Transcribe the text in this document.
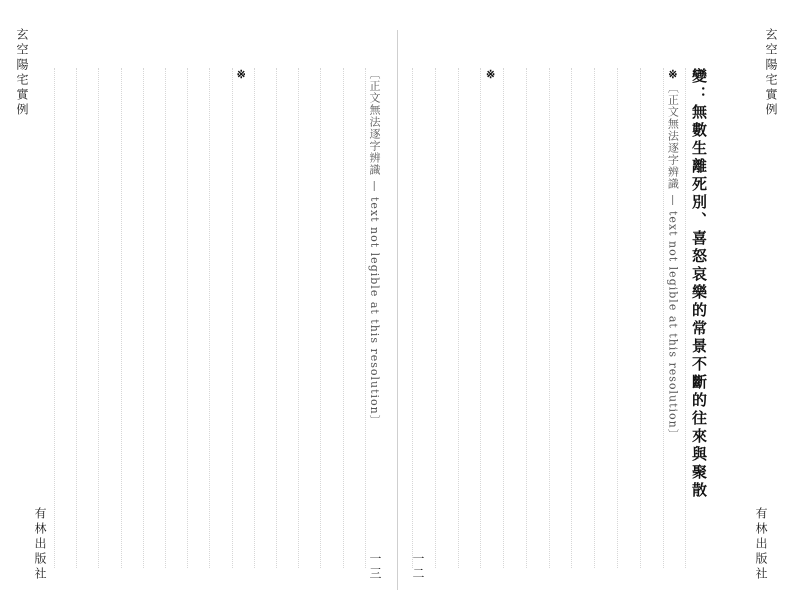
玄空陽宅實例
有林出版社
一二
變：無數生離死別、喜怒哀樂的常景不斷的往來與聚散
※〔正文無法逐字辨識 — text not legible at this resolution〕
※
玄空陽宅實例
有林出版社	一三
〔正文無法逐字辨識 — text not legible at this resolution〕
※
